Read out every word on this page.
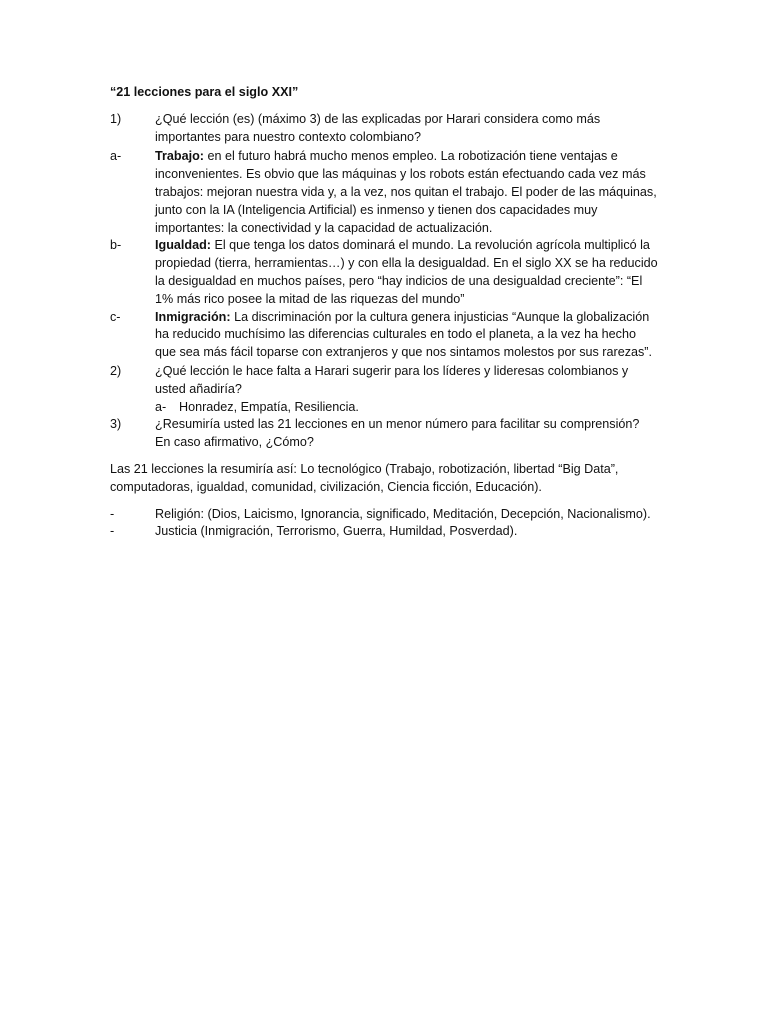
“21 lecciones para el siglo XXI”
1)	¿Qué lección (es) (máximo 3) de las explicadas por Harari considera como más importantes para nuestro contexto colombiano?
a-	Trabajo: en el futuro habrá mucho menos empleo. La robotización tiene ventajas e inconvenientes. Es obvio que las máquinas y los robots están efectuando cada vez más trabajos: mejoran nuestra vida y, a la vez, nos quitan el trabajo. El poder de las máquinas, junto con la IA (Inteligencia Artificial) es inmenso y tienen dos capacidades muy importantes: la conectividad y la capacidad de actualización.
b-	Igualdad: El que tenga los datos dominará el mundo. La revolución agrícola multiplicó la propiedad (tierra, herramientas…) y con ella la desigualdad. En el siglo XX se ha reducido la desigualdad en muchos países, pero “hay indicios de una desigualdad creciente”: “El 1% más rico posee la mitad de las riquezas del mundo”
c-	Inmigración: La discriminación por la cultura genera injusticias “Aunque la globalización ha reducido muchísimo las diferencias culturales en todo el planeta, a la vez ha hecho que sea más fácil toparse con extranjeros y que nos sintamos molestos por sus rarezas”.
2)	¿Qué lección le hace falta a Harari sugerir para los líderes y lideresas colombianos y usted añadiría?
a-	Honradez, Empatía, Resiliencia.
3)	¿Resumiría usted las 21 lecciones en un menor número para facilitar su comprensión? En caso afirmativo, ¿Cómo?
Las 21 lecciones la resumiría así: Lo tecnológico (Trabajo, robotización, libertad “Big Data”, computadoras, igualdad, comunidad, civilización, Ciencia ficción, Educación).
-	Religión: (Dios, Laicismo, Ignorancia, significado, Meditación, Decepción, Nacionalismo).
-	Justicia (Inmigración, Terrorismo, Guerra, Humildad, Posverdad).
